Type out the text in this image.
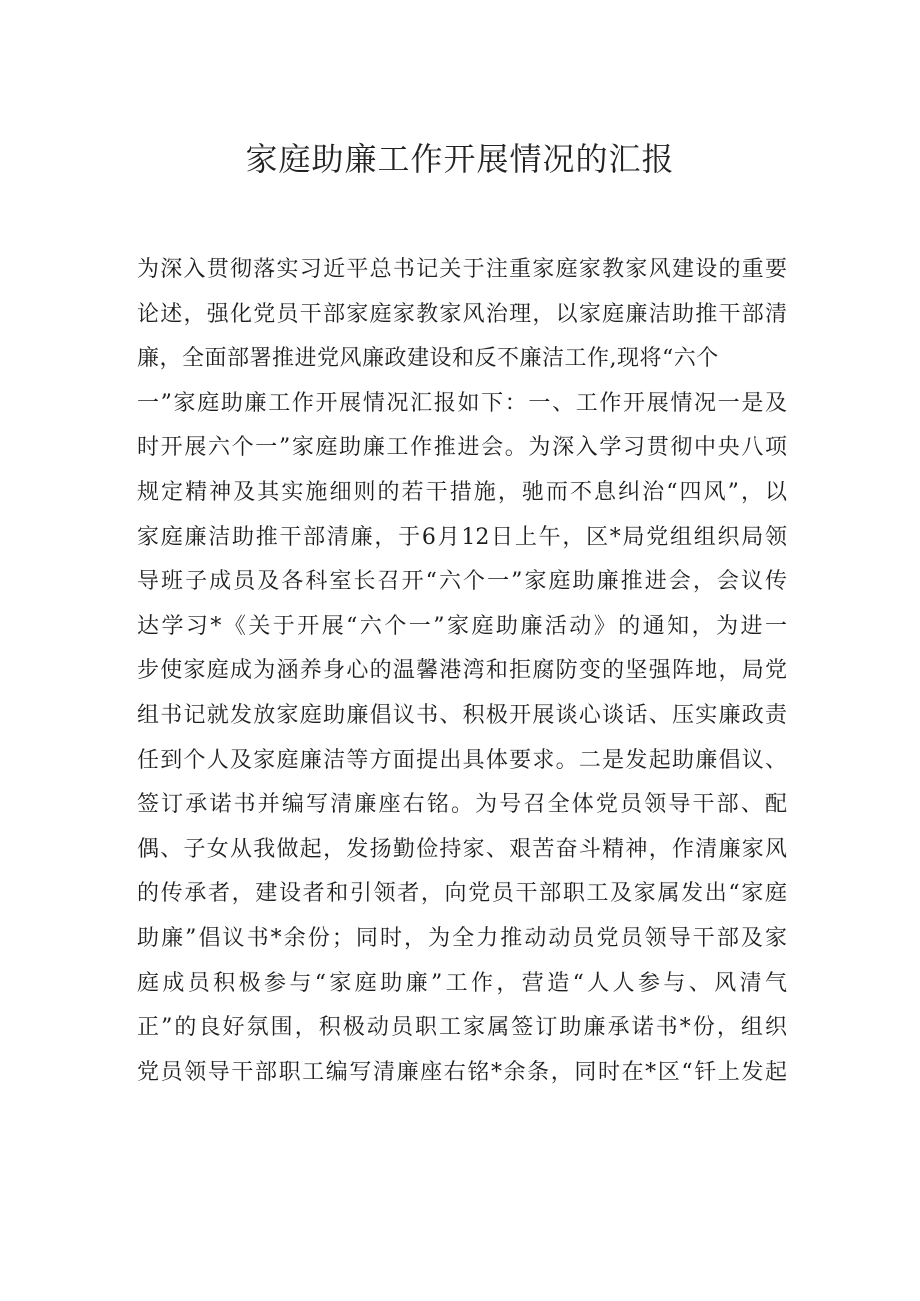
家庭助廉工作开展情况的汇报
为深入贯彻落实习近平总书记关于注重家庭家教家风建设的重要
论述，强化党员干部家庭家教家风治理，以家庭廉洁助推干部清
廉，全面部署推进党风廉政建设和反不廉洁工作,现将“六个
一”家庭助廉工作开展情况汇报如下：一、工作开展情况一是及
时开展六个一”家庭助廉工作推进会。为深入学习贯彻中央八项
规定精神及其实施细则的若干措施，驰而不息纠治“四风”，以
家庭廉洁助推干部清廉，于6月12日上午，区*局党组组织局领
导班子成员及各科室长召开“六个一”家庭助廉推进会，会议传
达学习*《关于开展“六个一”家庭助廉活动》的通知，为进一
步使家庭成为涵养身心的温馨港湾和拒腐防变的坚强阵地，局党
组书记就发放家庭助廉倡议书、积极开展谈心谈话、压实廉政责
任到个人及家庭廉洁等方面提出具体要求。二是发起助廉倡议、
签订承诺书并编写清廉座右铭。为号召全体党员领导干部、配
偶、子女从我做起，发扬勤俭持家、艰苦奋斗精神，作清廉家风
的传承者，建设者和引领者，向党员干部职工及家属发出“家庭
助廉”倡议书*余份；同时，为全力推动动员党员领导干部及家
庭成员积极参与“家庭助廉”工作，营造“人人参与、风清气
正”的良好氛围，积极动员职工家属签订助廉承诺书*份，组织
党员领导干部职工编写清廉座右铭*余条，同时在*区“钎上发起
